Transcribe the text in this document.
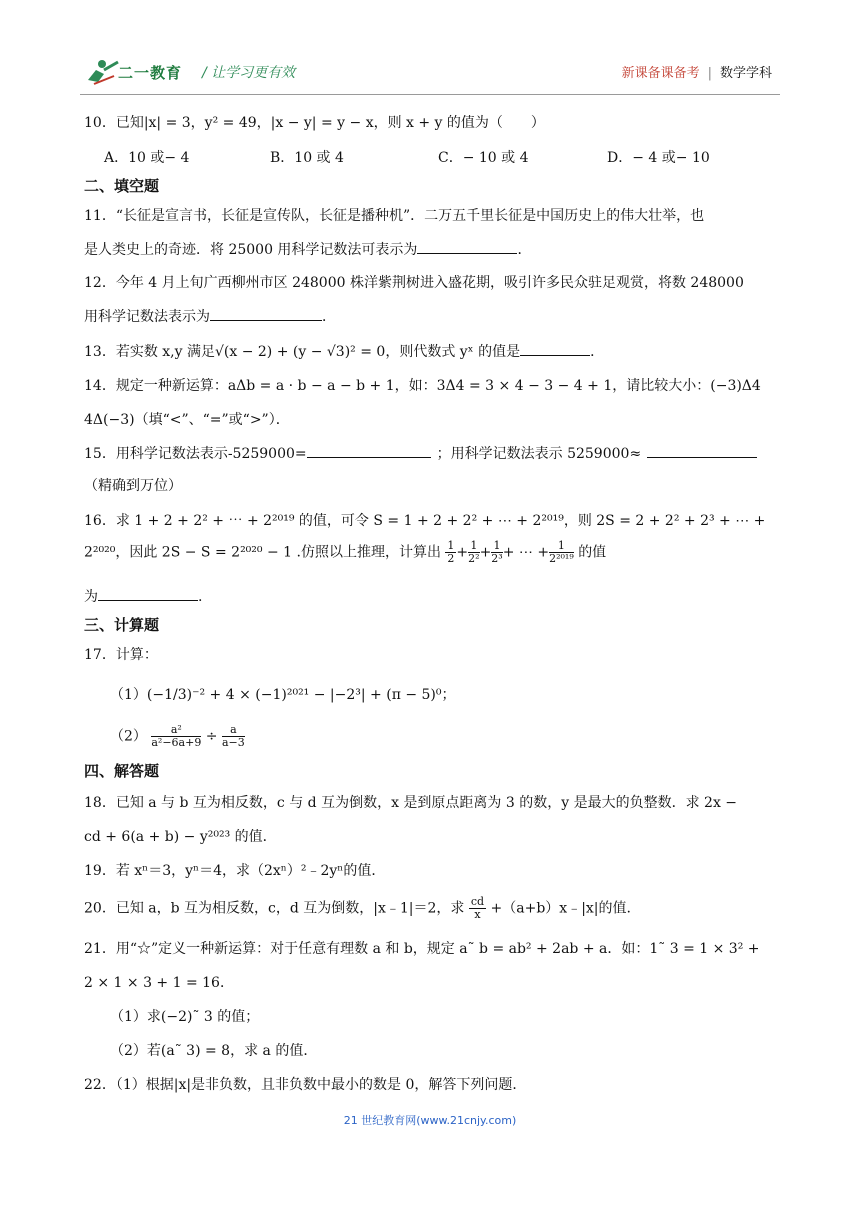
二一教育 / 让学习更有效	新课备课备考 | 数学学科
10．已知|x| = 3，y² = 49，|x − y| = y − x，则 x + y 的值为（　　）
A．10 或− 4	B．10 或 4	C．− 10 或 4	D．− 4 或− 10
二、填空题
11．“长征是宣言书，长征是宣传队，长征是播种机”．二万五千里长征是中国历史上的伟大壮举，也
是人类史上的奇迹．将 25000 用科学记数法可表示为	．
12．今年 4 月上旬广西柳州市区 248000 株洋紫荆树进入盛花期，吸引许多民众驻足观赏，将数 248000
用科学记数法表示为	．
13．若实数 x,y 满足√(x − 2) + (y − √3)² = 0，则代数式 yˣ 的值是	．
14．规定一种新运算：aΔb = a · b − a − b + 1，如：3Δ4 = 3 × 4 − 3 − 4 + 1，请比较大小：(−3)Δ4
4Δ(−3)（填“<”、“=”或“>”）．
15．用科学记数法表示-5259000=	；用科学记数法表示 5259000≈
（精确到万位）
16．求 1 + 2 + 2² + ⋯ + 2²⁰¹⁹ 的值，可令 S = 1 + 2 + 2² + ⋯ + 2²⁰¹⁹，则 2S = 2 + 2² + 2³ + ⋯ +
2²⁰²⁰，因此 2S − S = 2²⁰²⁰ − 1 .仿照以上推理，计算出 $\frac{1}{2} + \frac{1}{\text{2²}} + \frac{1}{\text{2³}}$ + ⋯ + $\frac{1}{\text{2²⁰¹⁹}}$ 的值
为	.
三、计算题
17．计算：
（1）(−1/3)⁻² + 4 × (−1)²⁰²¹ − |−2³| + (π − 5)⁰；
$(2) \frac{\text{a²}}{\text{a²−6a+9}} \div \frac{a}{a-3}$
四、解答题
18．已知 a 与 b 互为相反数，c 与 d 互为倒数，x 是到原点距离为 3 的数，y 是最大的负整数．求 2x −
cd + 6(a + b) − y²⁰²³ 的值．
19．若 xⁿ＝3，yⁿ＝4，求（2xⁿ）²﹣2yⁿ的值．
20．已知 a，b 互为相反数，c，d 互为倒数，|x﹣1|＝2，求 $\frac{cd}{x}$ +（a+b）x﹣|x|的值.
21．用“☆”定义一种新运算：对于任意有理数 a 和 b，规定 a˜ b = ab² + 2ab + a．如：1˜ 3 = 1 × 3² +
2 × 1 × 3 + 1 = 16．
（1）求(−2)˜ 3 的值；
（2）若(a˜ 3) = 8，求 a 的值．
22．（1）根据|x|是非负数，且非负数中最小的数是 0，解答下列问题．
21 世纪教育网(www.21cnjy.com)
